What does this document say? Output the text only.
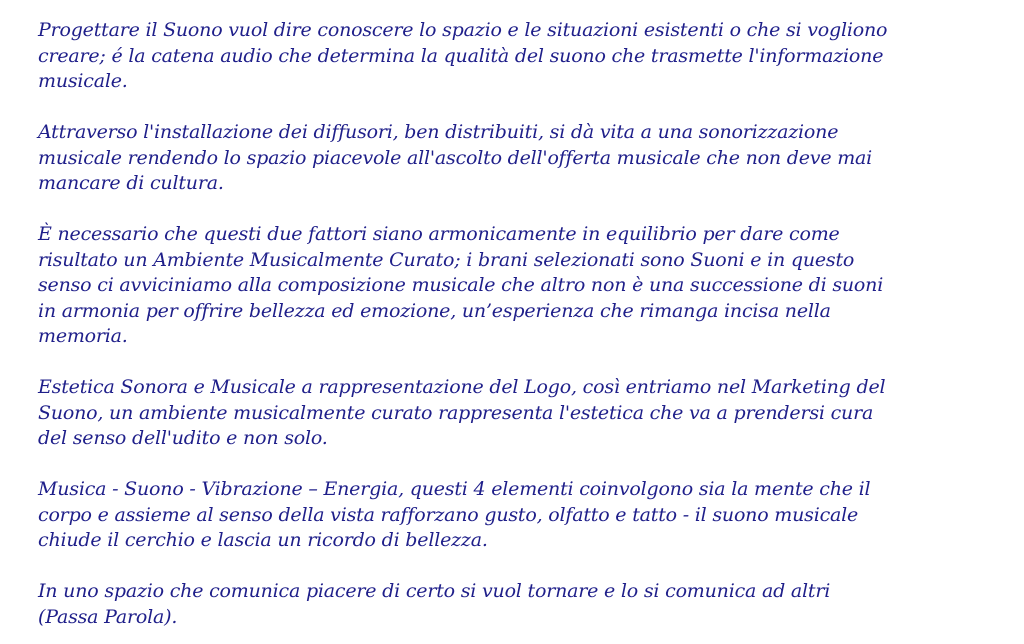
Progettare il Suono vuol dire conoscere lo spazio e le situazioni esistenti o che si vogliono
creare; é la catena audio che determina la qualità del suono che trasmette l'informazione
musicale.

Attraverso l'installazione dei diffusori, ben distribuiti, si dà vita a una sonorizzazione
musicale rendendo lo spazio piacevole all'ascolto dell'offerta musicale che non deve mai
mancare di cultura.

È necessario che questi due fattori siano armonicamente in equilibrio per dare come
risultato un Ambiente Musicalmente Curato; i brani selezionati sono Suoni e in questo
senso ci avviciniamo alla composizione musicale che altro non è una successione di suoni
in armonia per offrire bellezza ed emozione, un’esperienza che rimanga incisa nella
memoria.

Estetica Sonora e Musicale a rappresentazione del Logo, così entriamo nel Marketing del
Suono, un ambiente musicalmente curato rappresenta l'estetica che va a prendersi cura
del senso dell'udito e non solo.

Musica - Suono - Vibrazione – Energia, questi 4 elementi coinvolgono sia la mente che il
corpo e assieme al senso della vista rafforzano gusto, olfatto e tatto - il suono musicale
chiude il cerchio e lascia un ricordo di bellezza.

In uno spazio che comunica piacere di certo si vuol tornare e lo si comunica ad altri
(Passa Parola).
